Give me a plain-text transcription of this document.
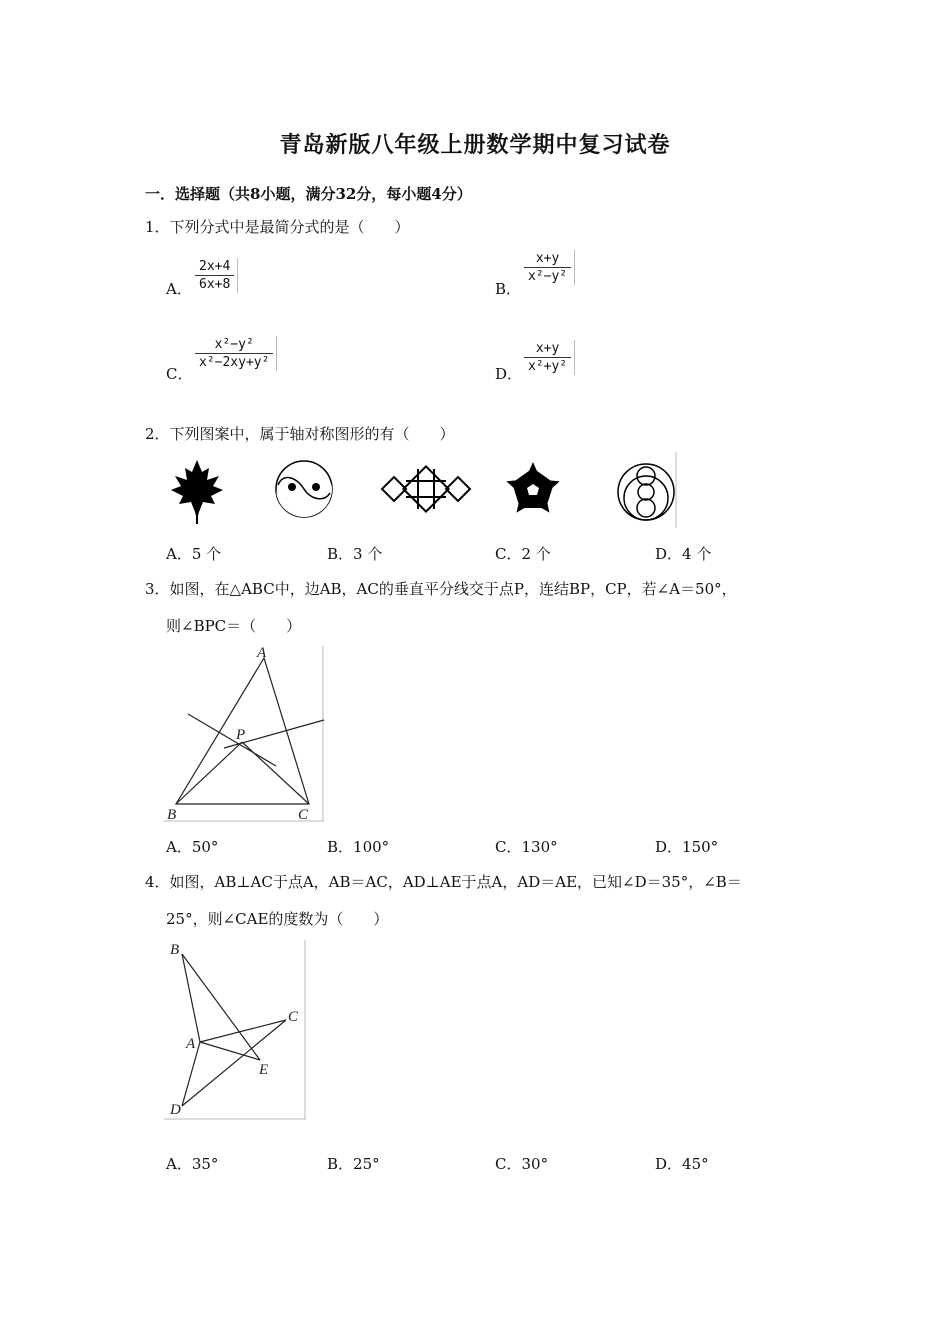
青岛新版八年级上册数学期中复习试卷
一．选择题（共8小题，满分32分，每小题4分）
1．下列分式中是最简分式的是（　　）
A．
2x+4
6x+8	B．
x+y
x²−y²
C．
x²−y²
x²−2xy+y²
D．
x+y
x²+y²
2．下列图案中，属于轴对称图形的有（　　）
A．5 个	B．3 个	C．2 个	D．4 个
3．如图，在△ABC中，边AB，AC的垂直平分线交于点P，连结BP，CP，若∠A＝50°，
则∠BPC＝（　　）
A
B	C
P
A．50°	B．100°	C．130°	D．150°
4．如图，AB⊥AC于点A，AB＝AC，AD⊥AE于点A，AD＝AE，已知∠D＝35°，∠B＝
25°，则∠CAE的度数为（　　）
B
C
A
E
D
A．35°	B．25°	C．30°	D．45°
